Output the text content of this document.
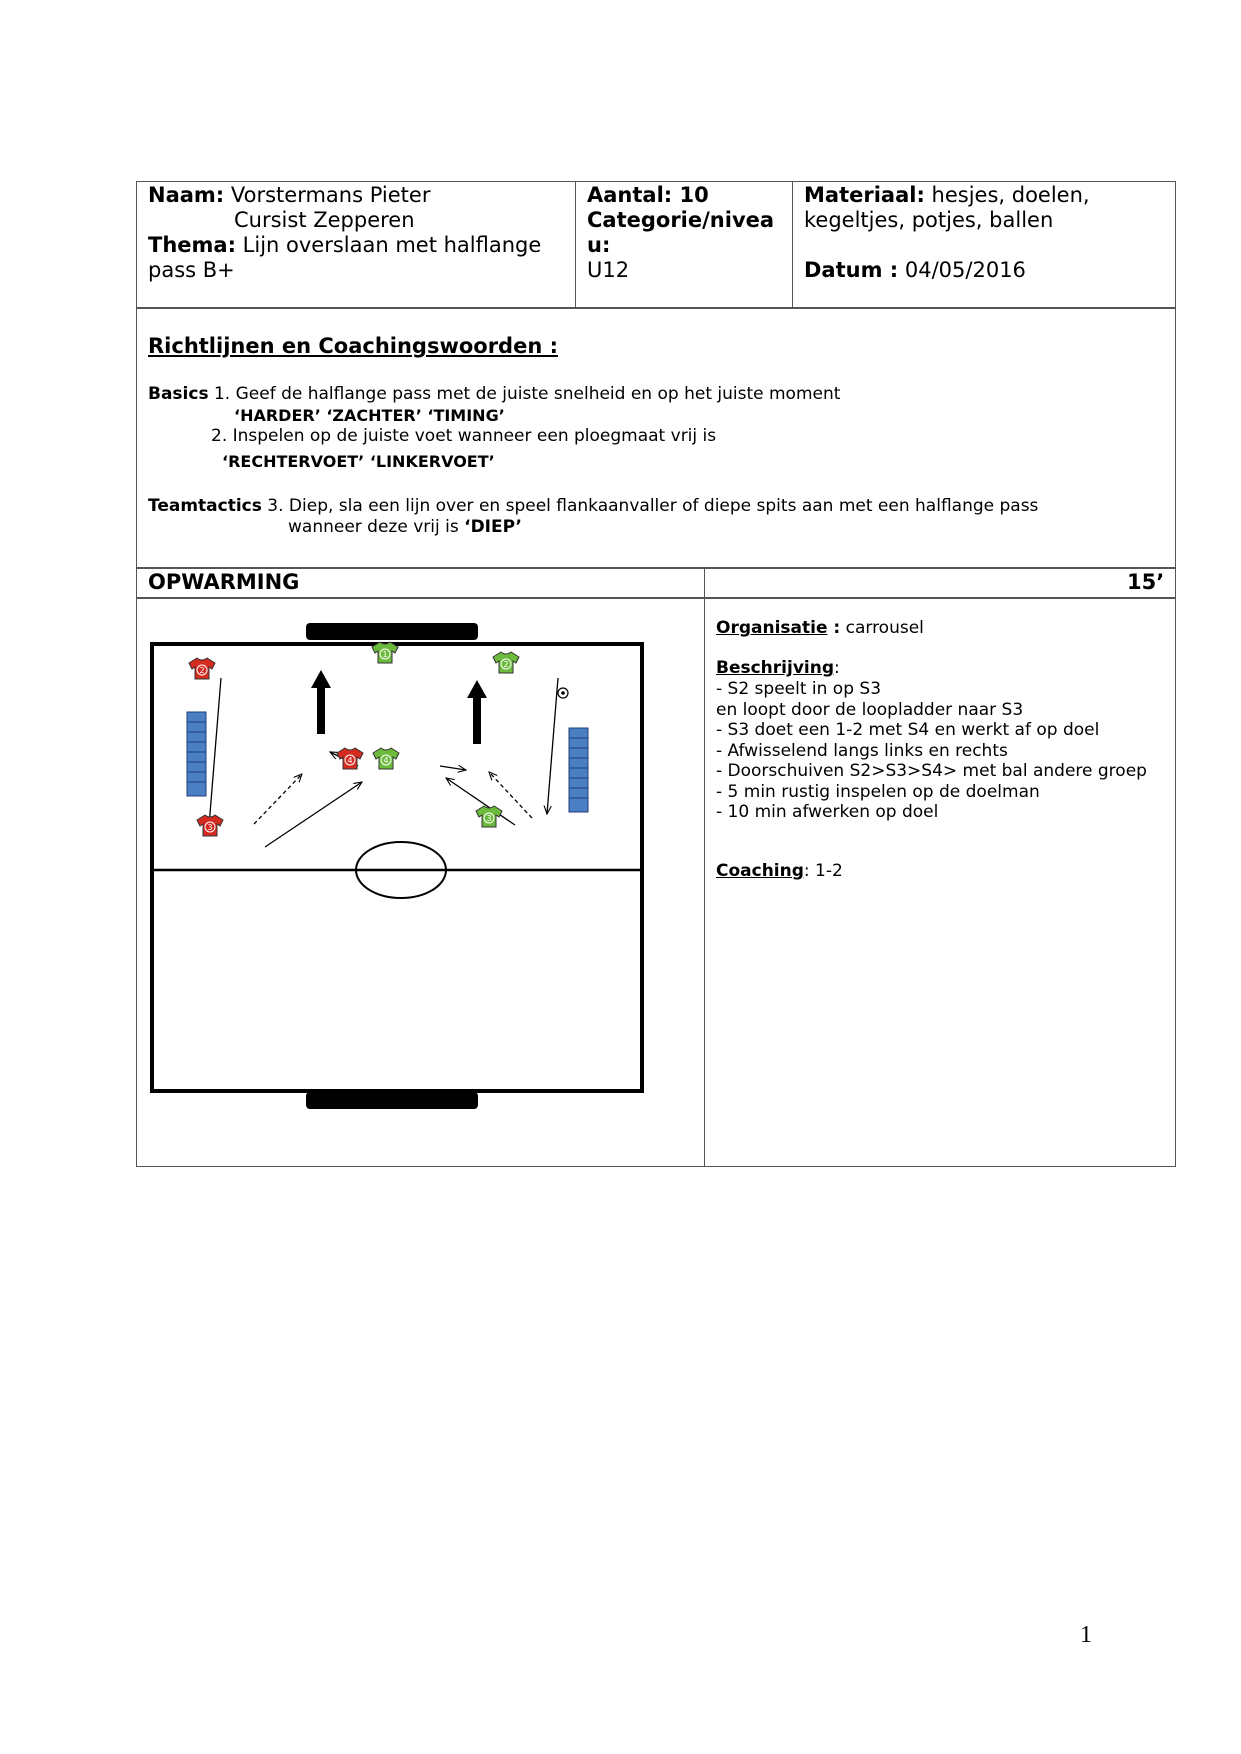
Naam: Vorstermans Pieter
Cursist Zepperen
Thema: Lijn overslaan met halflange
pass B+
Aantal: 10
Categorie/nivea
u:
U12
Materiaal: hesjes, doelen,
kegeltjes, potjes, ballen
Datum : 04/05/2016
Richtlijnen en Coachingswoorden :
Basics 1. Geef de halflange pass met de juiste snelheid en op het juiste moment
‘HARDER’ ‘ZACHTER’ ‘TIMING’
2. Inspelen op de juiste voet wanneer een ploegmaat vrij is
‘RECHTERVOET’ ‘LINKERVOET’
Teamtactics 3. Diep, sla een lijn over en speel flankaanvaller of diepe spits aan met een halflange pass
wanneer deze vrij is ‘DIEP’
OPWARMING	15’
Organisatie : carrousel
Beschrijving:
- S2 speelt in op S3
en loopt door de loopladder naar S3
- S3 doet een 1-2 met S4 en werkt af op doel
- Afwisselend langs links en rechts
- Doorschuiven S2>S3>S4> met bal andere groep
- 5 min rustig inspelen op de doelman
- 10 min afwerken op doel
Coaching: 1-2
2
3
4
1
2
4
3
1
